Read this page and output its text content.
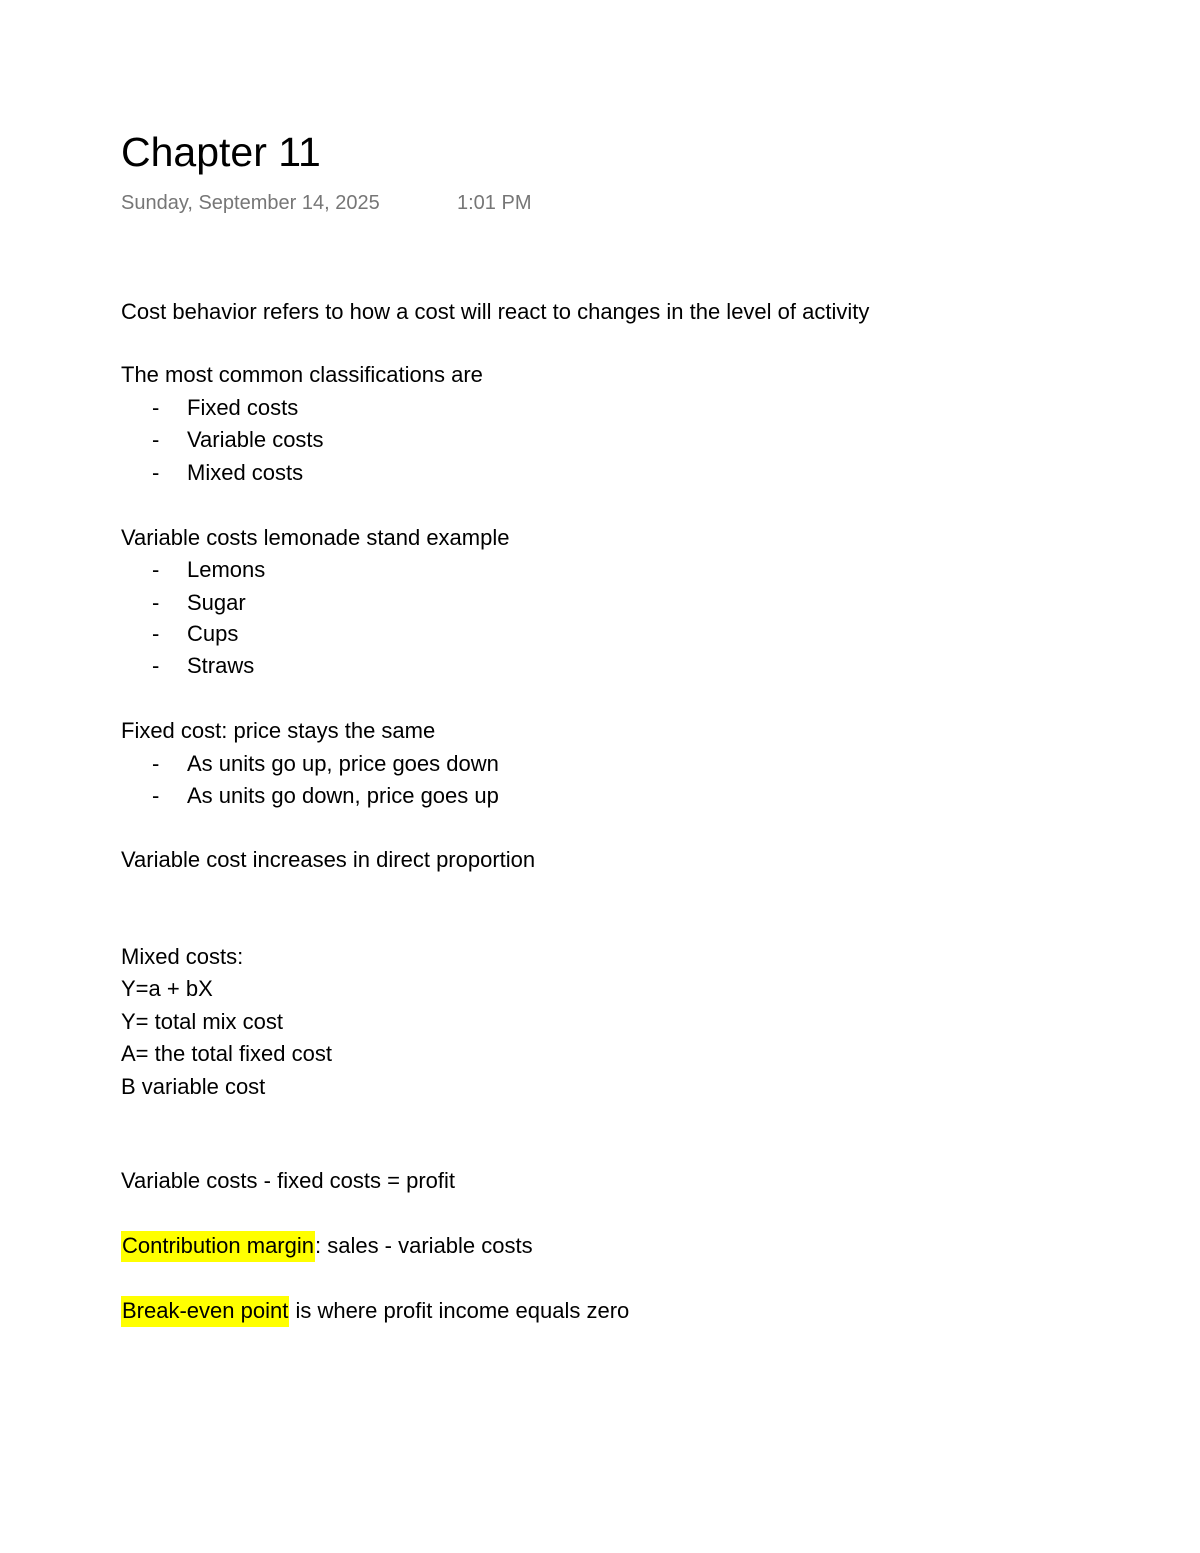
Chapter 11
Sunday, September 14, 2025	1:01 PM
Cost behavior refers to how a cost will react to changes in the level of activity
The most common classifications are
- Fixed costs
- Variable costs
- Mixed costs
Variable costs lemonade stand example
- Lemons
- Sugar
- Cups
- Straws
Fixed cost: price stays the same
- As units go up, price goes down
- As units go down, price goes up
Variable cost increases in direct proportion
Mixed costs:
Y=a + bX
Y= total mix cost
A= the total fixed cost
B variable cost
Variable costs - fixed costs = profit
Contribution margin: sales - variable costs
Break-even point is where profit income equals zero
